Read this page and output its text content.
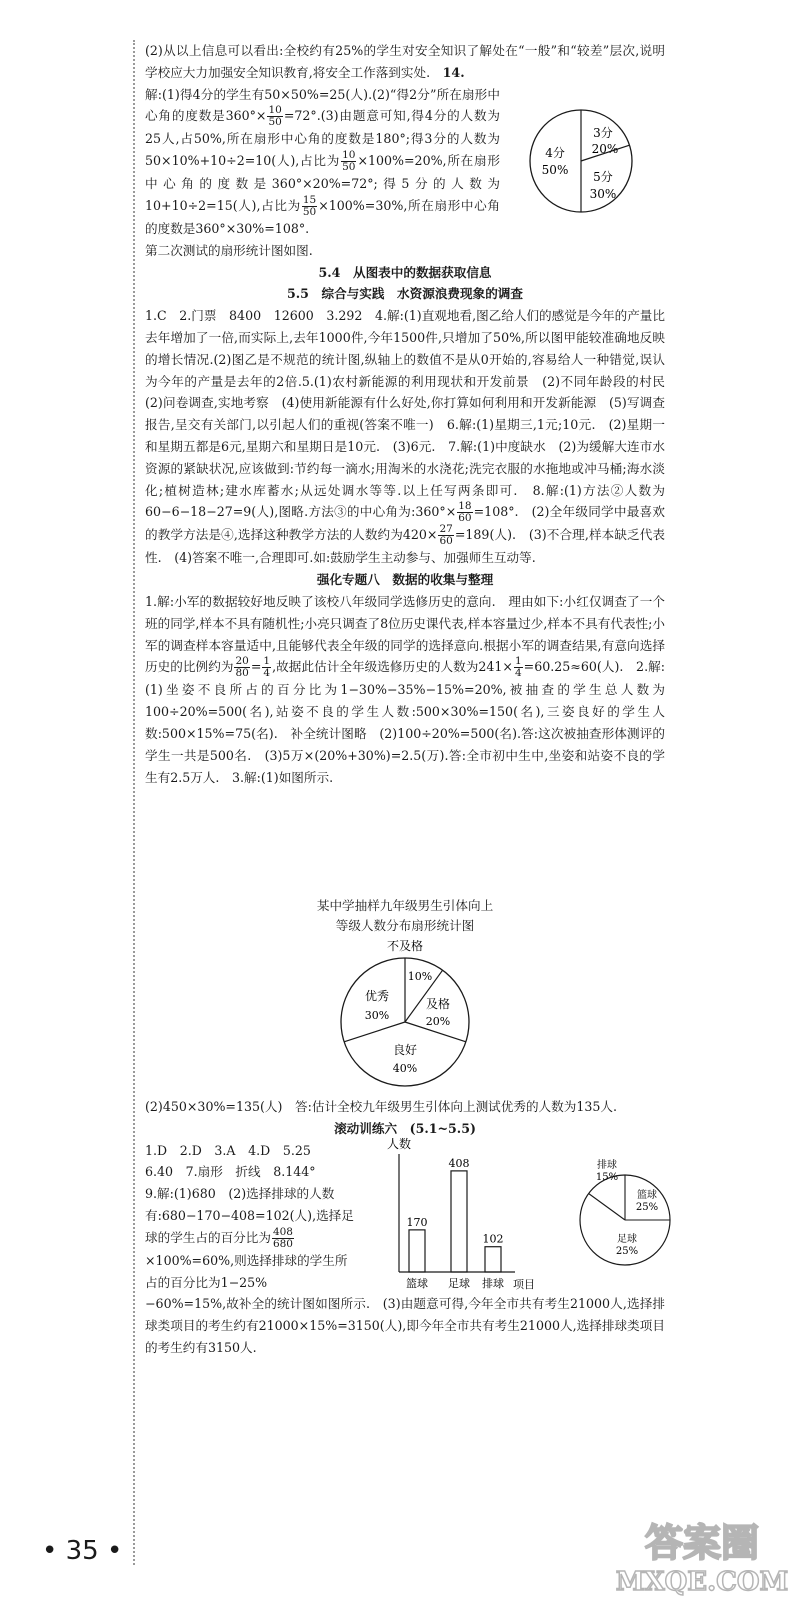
(2)从以上信息可以看出:全校约有25%的学生对安全知识了解处在“一般”和“较差”层次,说明学校应大力加强安全知识教育,将安全工作落到实处.　 14.

解:(1)得4分的学生有50×50%=25(人).(2)“得2分”所在扇形中心角的度数是$360^\circ\times \frac{10}{50} =72^\circ.(3)$由题意可知,得4分的人数为25人,占50%,所在扇形中心角的度数是180°;得3分的人数为50×10%+10÷2=10(人),占比为 $\frac{10}{50} \times 100\%=20\%$,所在扇形中心角的度数是360°×20%=72°;得5分的人数为10+10÷2=15(人),占比为 $\frac{15}{50} \times 100\%=30\%$,所在扇形中心角的度数是360°×30%=108°.

第二次测试的扇形统计图如图.

5.4　从图表中的数据获取信息

5.5　综合与实践　水资源浪费现象的调查

1.C　2.门票　8400　12600　3.292　4.解:(1)直观地看,图乙给人们的感觉是今年的产量比去年增加了一倍,而实际上,去年1000件,今年1500件,只增加了50%,所以图甲能较准确地反映的增长情况.(2)图乙是不规范的统计图,纵轴上的数值不是从0开始的,容易给人一种错觉,误认为今年的产量是去年的2倍.5.(1)农村新能源的利用现状和开发前景　(2)不同年龄段的村民　(2)问卷调查,实地考察　(4)使用新能源有什么好处,你打算如何利用和开发新能源　(5)写调查报告,呈交有关部门,以引起人们的重视(答案不唯一)　6.解:(1)星期三,1元;10元.　(2)星期一和星期五都是6元,星期六和星期日是10元.　(3)6元.　7.解:(1)中度缺水　(2)为缓解大连市水资源的紧缺状况,应该做到:节约每一滴水;用淘米的水浇花;洗完衣服的水拖地或冲马桶;海水淡化;植树造林;建水库蓄水;从远处调水等等.以上任写两条即可.　8.解:(1)方法②人数为60−6−18−27=9(人),图略.方法③的中心角为:360°× $\frac{18}{60} =108^\circ$.　(2)全年级同学中最喜欢的教学方法是④,选择这种教学方法的人数约为$420\times \frac{27}{60} =189$(人).　(3)不合理,样本缺乏代表性.　(4)答案不唯一,合理即可.如:鼓励学生主动参与、加强师生互动等.

强化专题八　数据的收集与整理

1.解:小军的数据较好地反映了该校八年级同学选修历史的意向.　理由如下:小红仅调查了一个班的同学,样本不具有随机性;小亮只调查了8位历史课代表,样本容量过少,样本不具有代表性;小军的调查样本容量适中,且能够代表全年级的同学的选择意向.根据小军的调查结果,有意向选择历史的比例约为 $\frac{20}{80} = \frac{1}{4}$ ,故据此估计全年级选修历史的人数为$241\times \frac{1}{4} =60.25\approx 60$(人).　2.解:(1)坐姿不良所占的百分比为1−30%−35%−15%=20%,被抽查的学生总人数为100÷20%=500(名),站姿不良的学生人数:500×30%=150(名),三姿良好的学生人数:500×15%=75(名).　补全统计图略　(2)100÷20%=500(名).答:这次被抽查形体测评的学生一共是500名.　(3)5万×(20%+30%)=2.5(万).答:全市初中生中,坐姿和站姿不良的学生有2.5万人.　3.解:(1)如图所示.

4分
50%
3分
20%
5分
30%

某中学抽样九年级男生引体向上

等级人数分布扇形统计图

不及格
10%
优秀
30%
及格
20%
良好
40%

(2)450×30%=135(人)　答:估计全校九年级男生引体向上测试优秀的人数为135人.

滚动训练六　(5.1~5.5)

1.D　2.D　3.A　4.D　5.25

6.40　7.扇形　折线　8.144°

9.解:(1)680　(2)选择排球的人数有:680−170−408=102(人),选择足球的学生占的百分比为 $\frac{408}{680}$
×100%=60%,则选择排球的学生所占的百分比为1−25%

−60%=15%,故补全的统计图如图所示.　(3)由题意可得,今年全市共有考生21000人,选择排球类项目的考生约有21000×15%=3150(人),即今年全市共有考生21000人,选择排球类项目的考生约有3150人.

人数
项目
170
篮球
408
足球
102
排球
排球
15%
篮球
25%
足球
25%
• 35 •	答案圈
MXQE.COM
